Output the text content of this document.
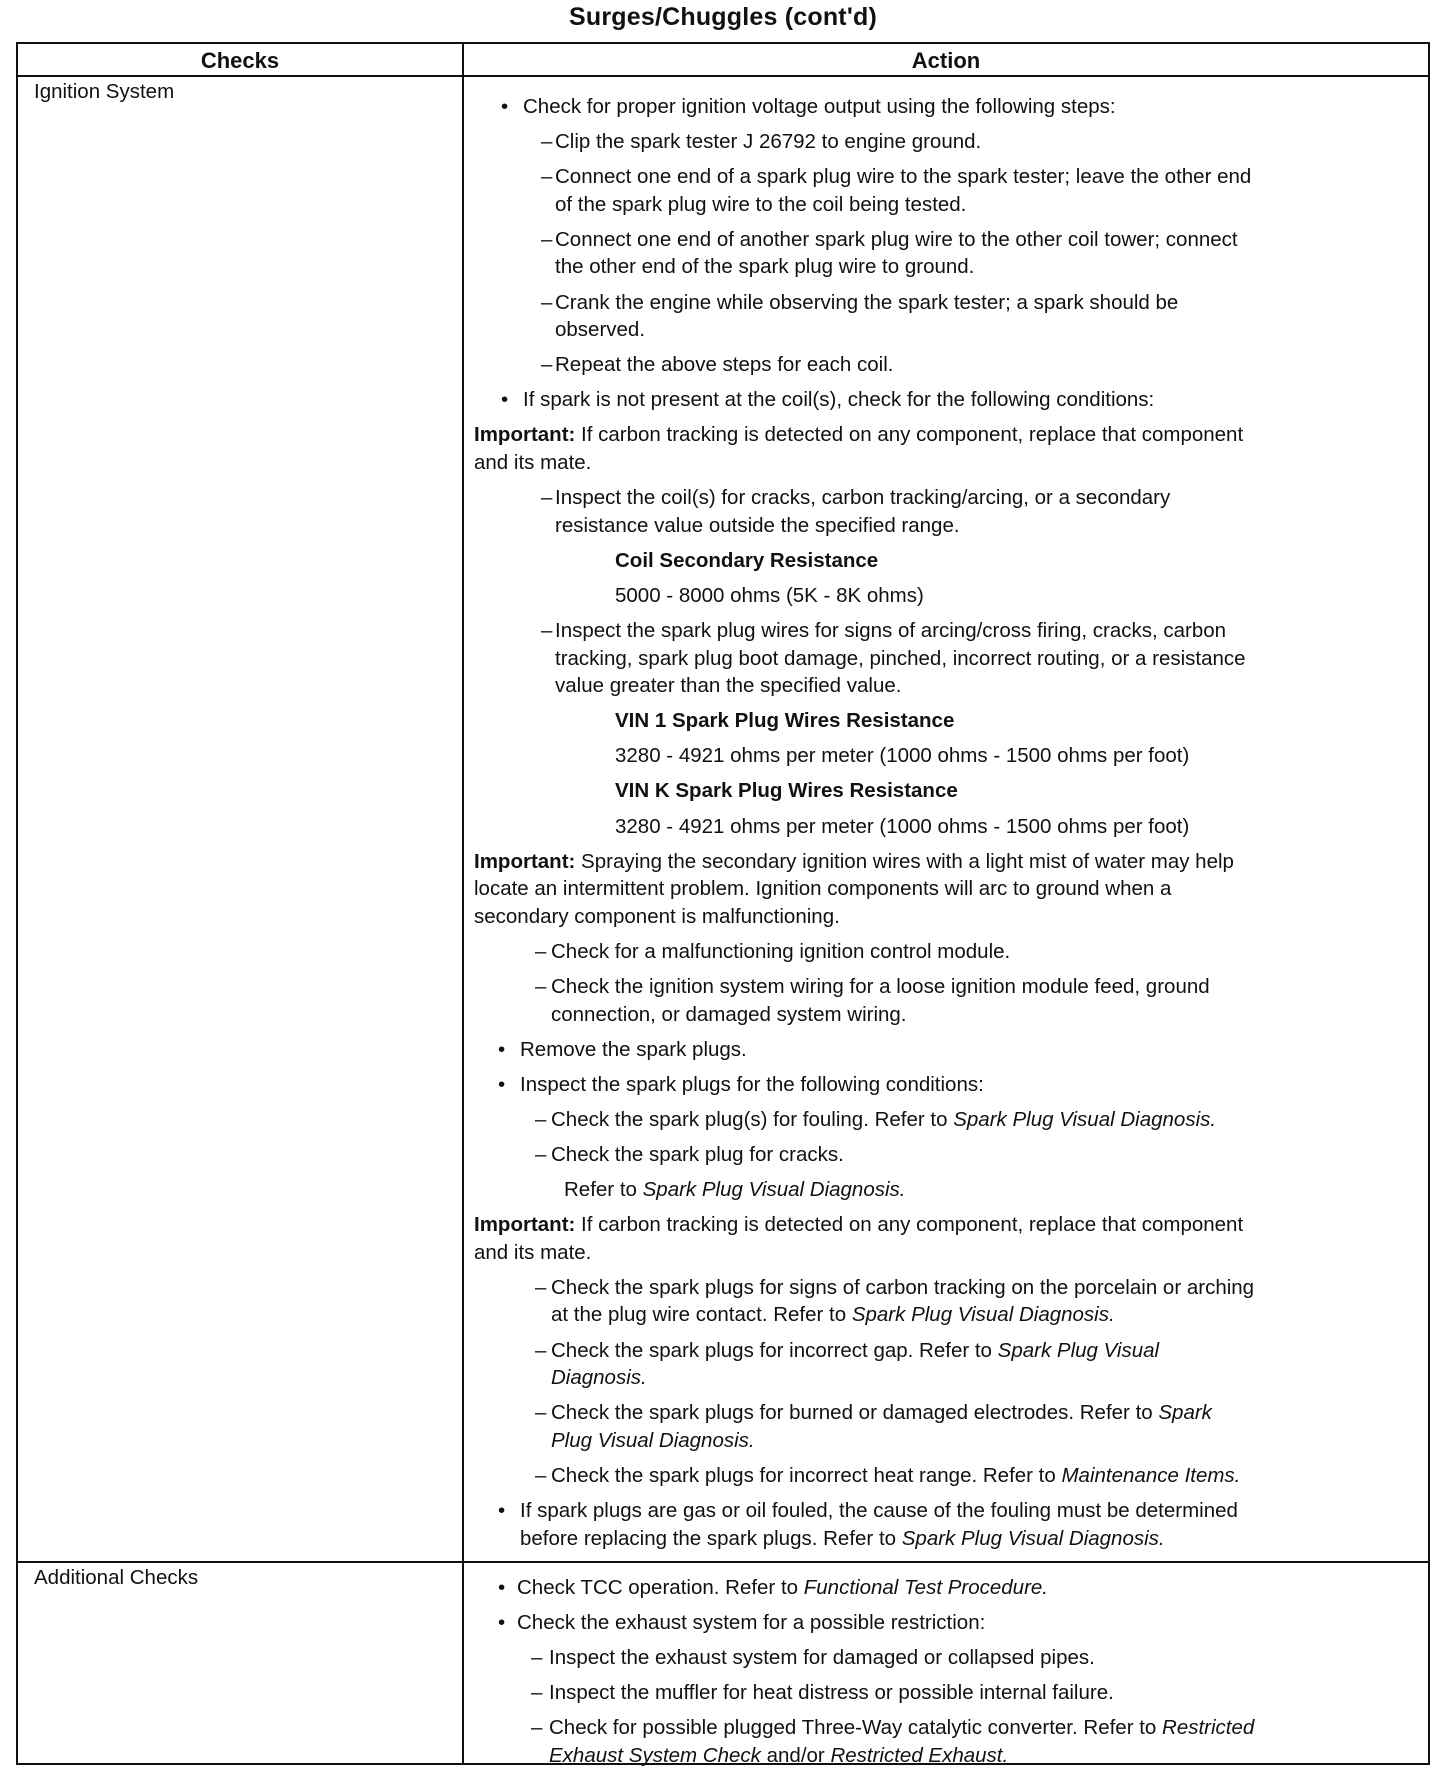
Surges/Chuggles (cont'd)
Checks	Action
Ignition System
• Check for proper ignition voltage output using the following steps:
– Clip the spark tester J 26792 to engine ground.
– Connect one end of a spark plug wire to the spark tester; leave the other end
of the spark plug wire to the coil being tested.
– Connect one end of another spark plug wire to the other coil tower; connect
the other end of the spark plug wire to ground.
– Crank the engine while observing the spark tester; a spark should be
observed.
– Repeat the above steps for each coil.
• If spark is not present at the coil(s), check for the following conditions:
Important: If carbon tracking is detected on any component, replace that component
and its mate.
– Inspect the coil(s) for cracks, carbon tracking/arcing, or a secondary
resistance value outside the specified range.
Coil Secondary Resistance
5000 - 8000 ohms (5K - 8K ohms)
– Inspect the spark plug wires for signs of arcing/cross firing, cracks, carbon
tracking, spark plug boot damage, pinched, incorrect routing, or a resistance
value greater than the specified value.
VIN 1 Spark Plug Wires Resistance
3280 - 4921 ohms per meter (1000 ohms - 1500 ohms per foot)
VIN K Spark Plug Wires Resistance
3280 - 4921 ohms per meter (1000 ohms - 1500 ohms per foot)
Important: Spraying the secondary ignition wires with a light mist of water may help
locate an intermittent problem. Ignition components will arc to ground when a
secondary component is malfunctioning.
– Check for a malfunctioning ignition control module.
– Check the ignition system wiring for a loose ignition module feed, ground
connection, or damaged system wiring.
• Remove the spark plugs.
• Inspect the spark plugs for the following conditions:
– Check the spark plug(s) for fouling. Refer to Spark Plug Visual Diagnosis.
– Check the spark plug for cracks.
Refer to Spark Plug Visual Diagnosis.
Important: If carbon tracking is detected on any component, replace that component
and its mate.
– Check the spark plugs for signs of carbon tracking on the porcelain or arching
at the plug wire contact. Refer to Spark Plug Visual Diagnosis.
– Check the spark plugs for incorrect gap. Refer to Spark Plug Visual
Diagnosis.
– Check the spark plugs for burned or damaged electrodes. Refer to Spark
Plug Visual Diagnosis.
– Check the spark plugs for incorrect heat range. Refer to Maintenance Items.
• If spark plugs are gas or oil fouled, the cause of the fouling must be determined
before replacing the spark plugs. Refer to Spark Plug Visual Diagnosis.
Additional Checks	• Check TCC operation. Refer to Functional Test Procedure.
• Check the exhaust system for a possible restriction:
– Inspect the exhaust system for damaged or collapsed pipes.
– Inspect the muffler for heat distress or possible internal failure.
– Check for possible plugged Three-Way catalytic converter. Refer to Restricted
Exhaust System Check and/or Restricted Exhaust.
